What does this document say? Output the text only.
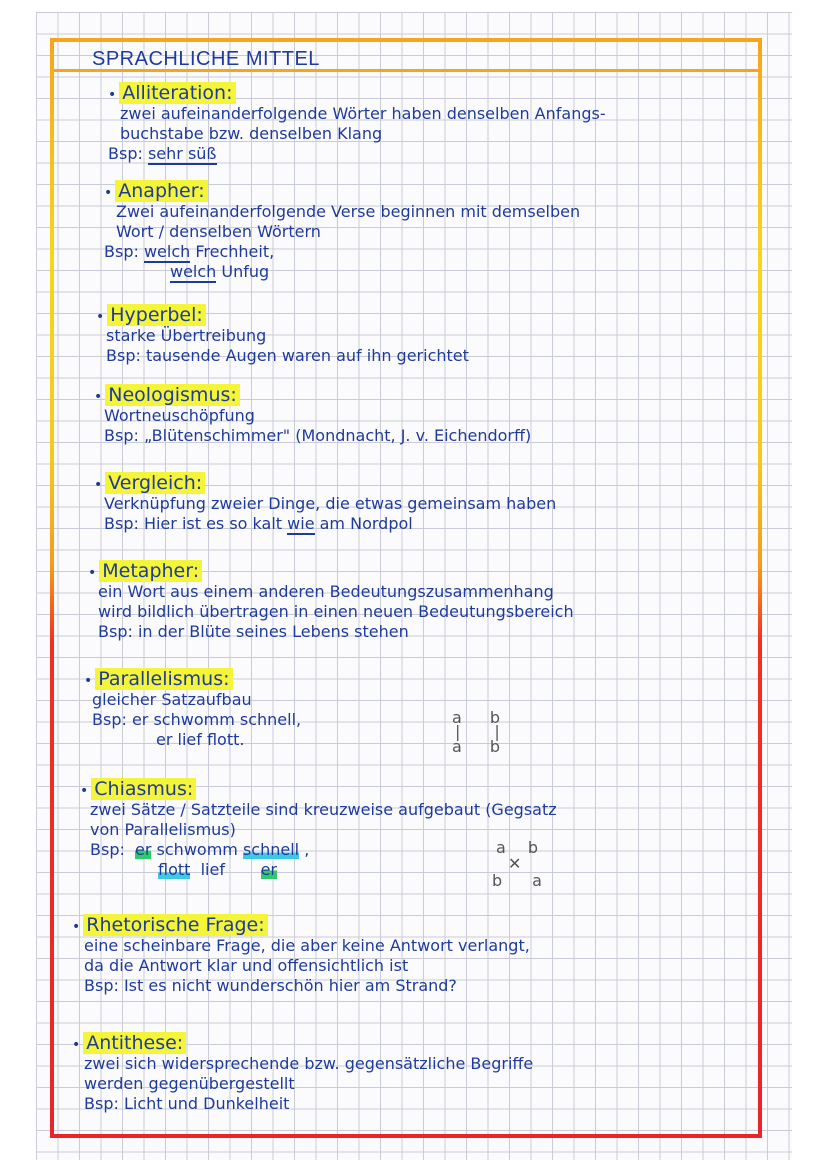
SPRACHLICHE MITTEL
• Alliteration:
zwei aufeinanderfolgende Wörter haben denselben Anfangs-
buchstabe bzw. denselben Klang
Bsp: sehr süß
• Anapher:
Zwei aufeinanderfolgende Verse beginnen mit demselben
Wort / denselben Wörtern
Bsp: welch Frechheit,
welch Unfug
• Hyperbel:
starke Übertreibung
Bsp: tausende Augen waren auf ihn gerichtet
• Neologismus:
Wortneuschöpfung
Bsp: „Blütenschimmer" (Mondnacht, J. v. Eichendorff)
• Vergleich:
Verknüpfung zweier Dinge, die etwas gemeinsam haben
Bsp: Hier ist es so kalt wie am Nordpol
• Metapher:
ein Wort aus einem anderen Bedeutungszusammenhang
wird bildlich übertragen in einen neuen Bedeutungsbereich
Bsp: in der Blüte seines Lebens stehen
• Parallelismus:
gleicher Satzaufbau
Bsp: er schwomm schnell,
er lief flott.
a b
| |
a b
• Chiasmus:
zwei Sätze / Satzteile sind kreuzweise aufgebaut (Gegsatz
von Parallelismus)
Bsp: er schwomm schnell ,
flott lief er
a b
✕
b a
• Rhetorische Frage:
eine scheinbare Frage, die aber keine Antwort verlangt,
da die Antwort klar und offensichtlich ist
Bsp: Ist es nicht wunderschön hier am Strand?
• Antithese:
zwei sich widersprechende bzw. gegensätzliche Begriffe
werden gegenübergestellt
Bsp: Licht und Dunkelheit
